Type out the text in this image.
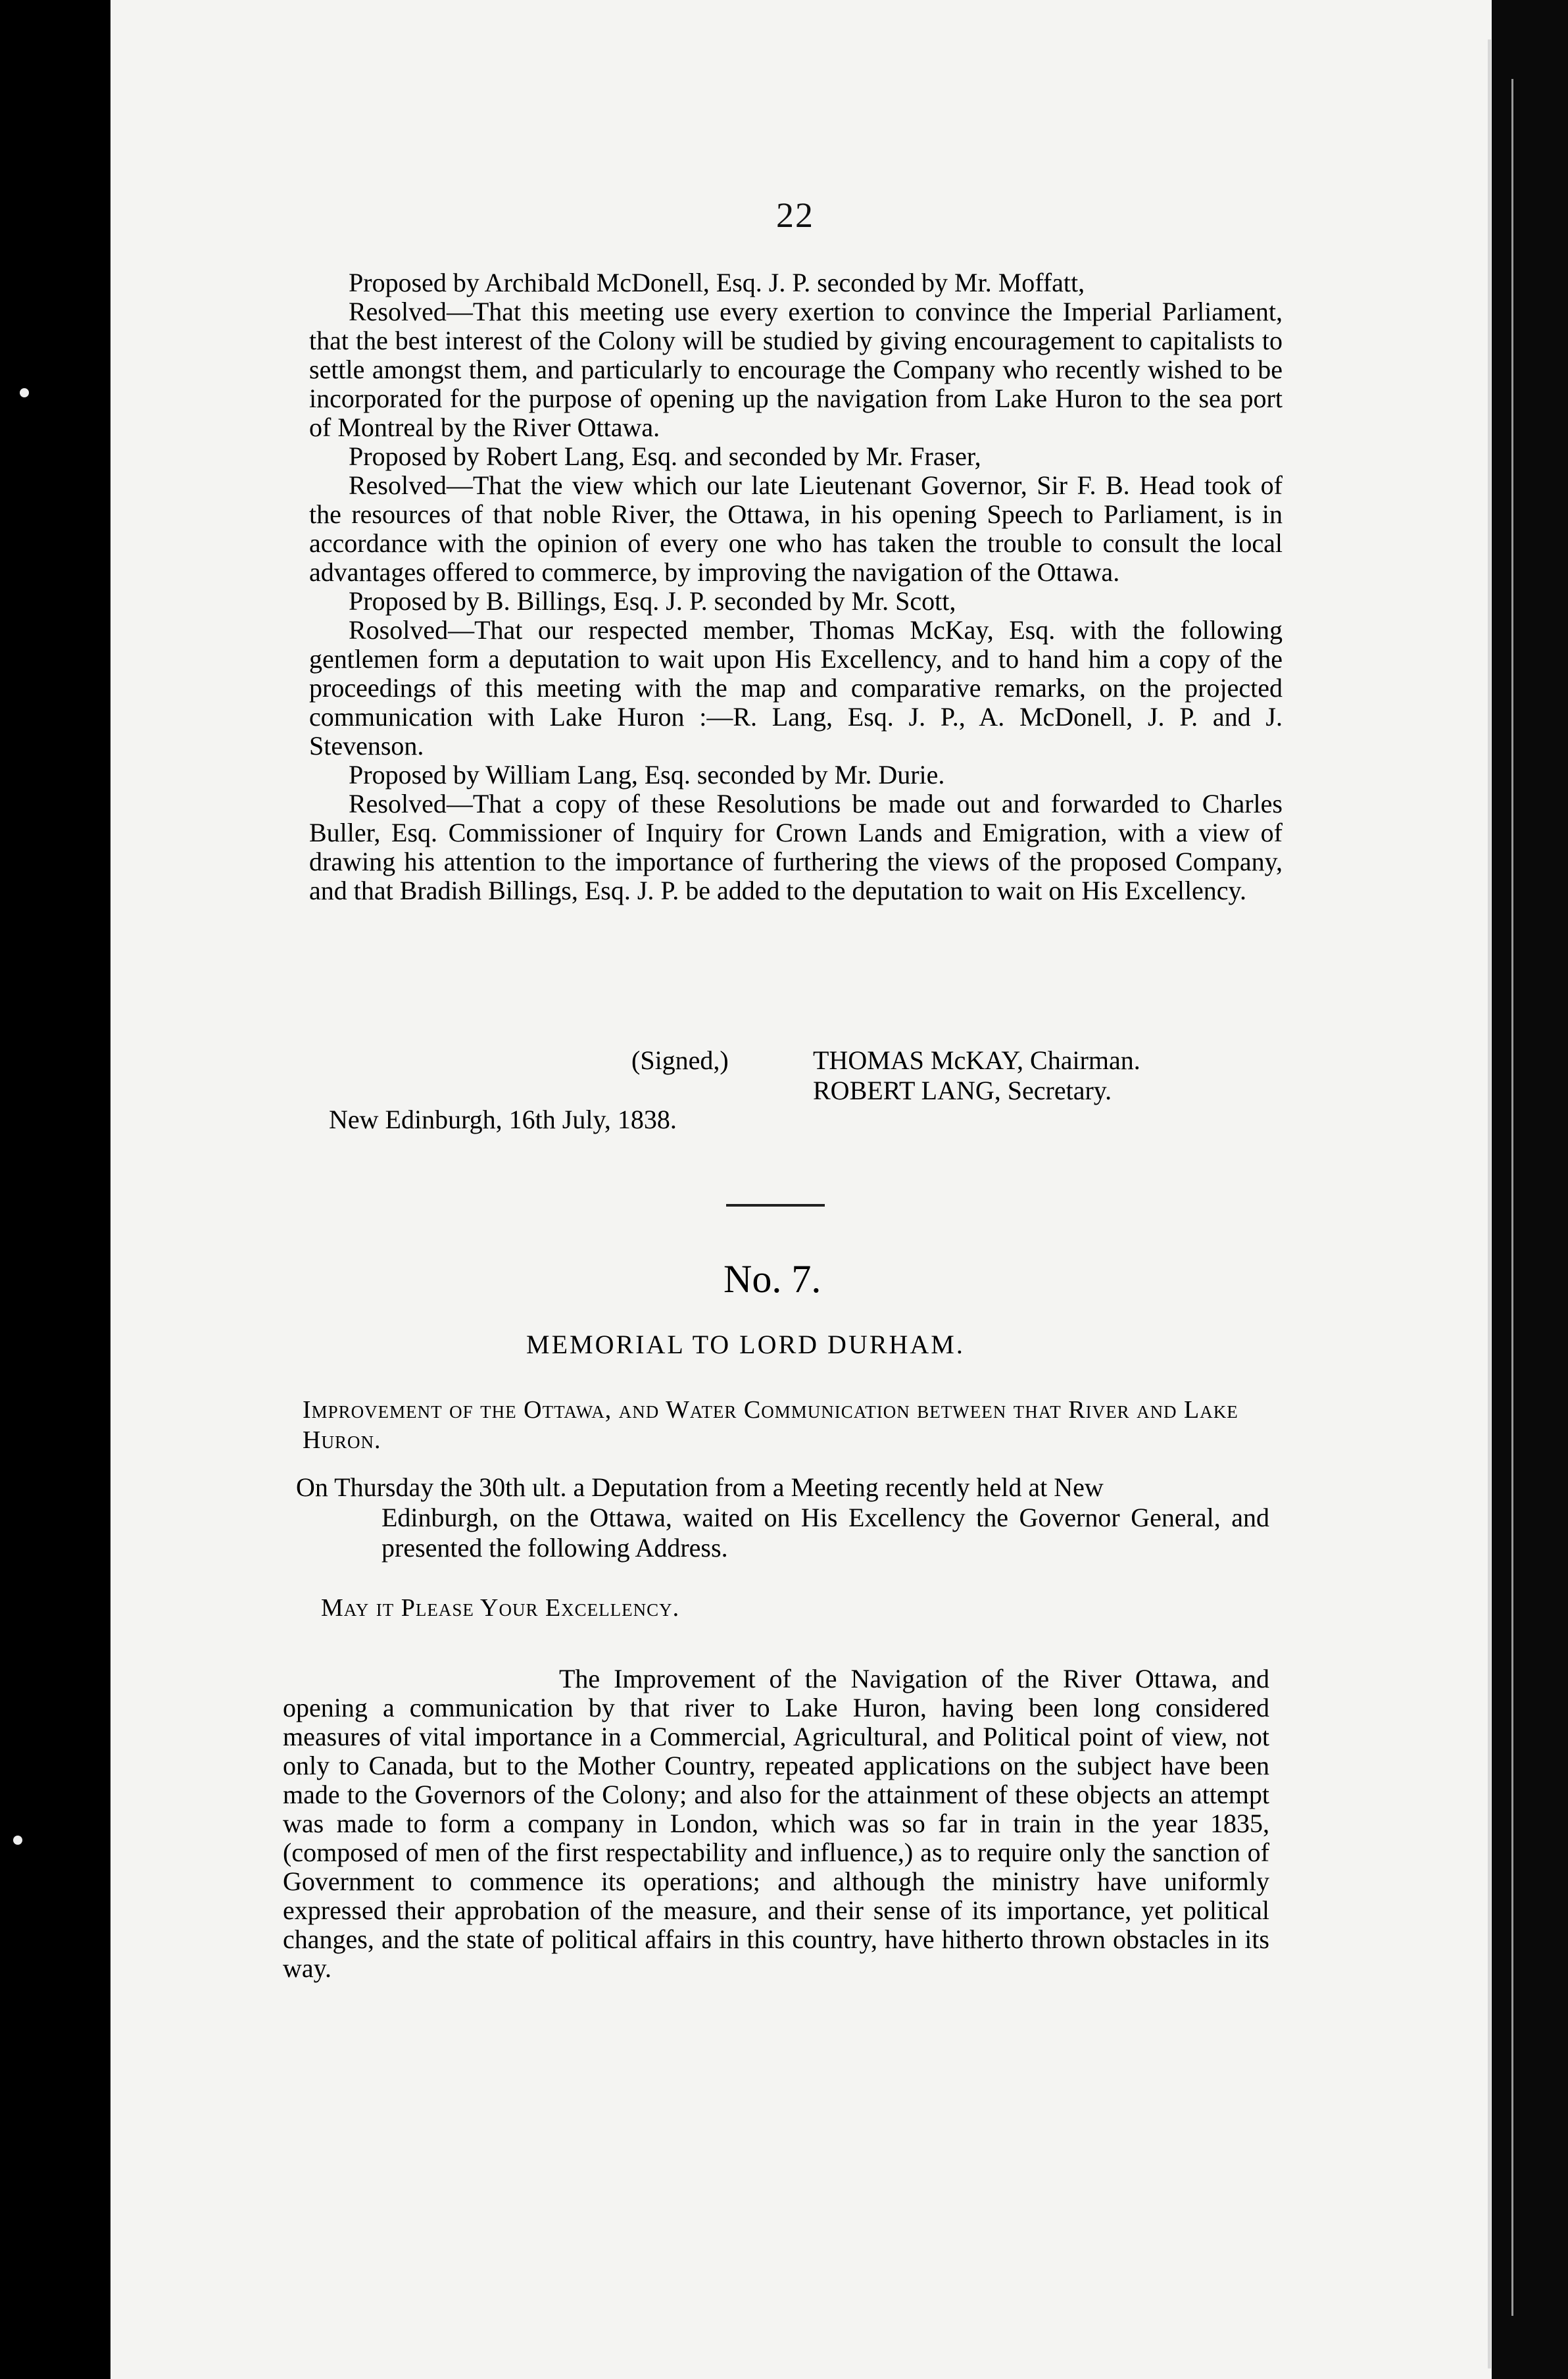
22

Proposed by Archibald McDonell, Esq. J. P. seconded by Mr. Moffatt,

Resolved—That this meeting use every exertion to convince the Imperial Parliament, that the best interest of the Colony will be studied by giving encouragement to capitalists to settle amongst them, and particularly to encourage the Company who recently wished to be incorporated for the purpose of opening up the navigation from Lake Huron to the sea port of Montreal by the River Ottawa.

Proposed by Robert Lang, Esq. and seconded by Mr. Fraser,

Resolved—That the view which our late Lieutenant Governor, Sir F. B. Head took of the resources of that noble River, the Ottawa, in his opening Speech to Parliament, is in accordance with the opinion of every one who has taken the trouble to consult the local advantages offered to commerce, by improving the navigation of the Ottawa.

Proposed by B. Billings, Esq. J. P. seconded by Mr. Scott,

Rosolved—That our respected member, Thomas McKay, Esq. with the following gentlemen form a deputation to wait upon His Excellency, and to hand him a copy of the proceedings of this meeting with the map and comparative remarks, on the projected communication with Lake Huron :—R. Lang, Esq. J. P., A. McDonell, J. P. and J. Stevenson.

Proposed by William Lang, Esq. seconded by Mr. Durie.

Resolved—That a copy of these Resolutions be made out and forwarded to Charles Buller, Esq. Commissioner of Inquiry for Crown Lands and Emigration, with a view of drawing his attention to the importance of furthering the views of the proposed Company, and that Bradish Billings, Esq. J. P. be added to the deputation to wait on His Excellency.

(Signed,)	THOMAS McKAY, Chairman.
ROBERT LANG, Secretary.
New Edinburgh, 16th July, 1838.
No. 7.
MEMORIAL TO LORD DURHAM.
Improvement of the Ottawa, and Water Communication between that River and Lake Huron.
On Thursday the 30th ult. a Deputation from a Meeting recently held at New
Edinburgh, on the Ottawa, waited on His Excellency the Governor General, and presented the following Address.
May it Please Your Excellency.

The Improvement of the Navigation of the River Ottawa, and opening a communication by that river to Lake Huron, having been long considered measures of vital importance in a Commercial, Agricultural, and Political point of view, not only to Canada, but to the Mother Country, repeated applications on the subject have been made to the Governors of the Colony; and also for the attainment of these objects an attempt was made to form a company in London, which was so far in train in the year 1835, (composed of men of the first respectability and influence,) as to require only the sanction of Government to commence its operations; and although the ministry have uniformly expressed their approbation of the measure, and their sense of its importance, yet political changes, and the state of political affairs in this country, have hitherto thrown obstacles in its way.
